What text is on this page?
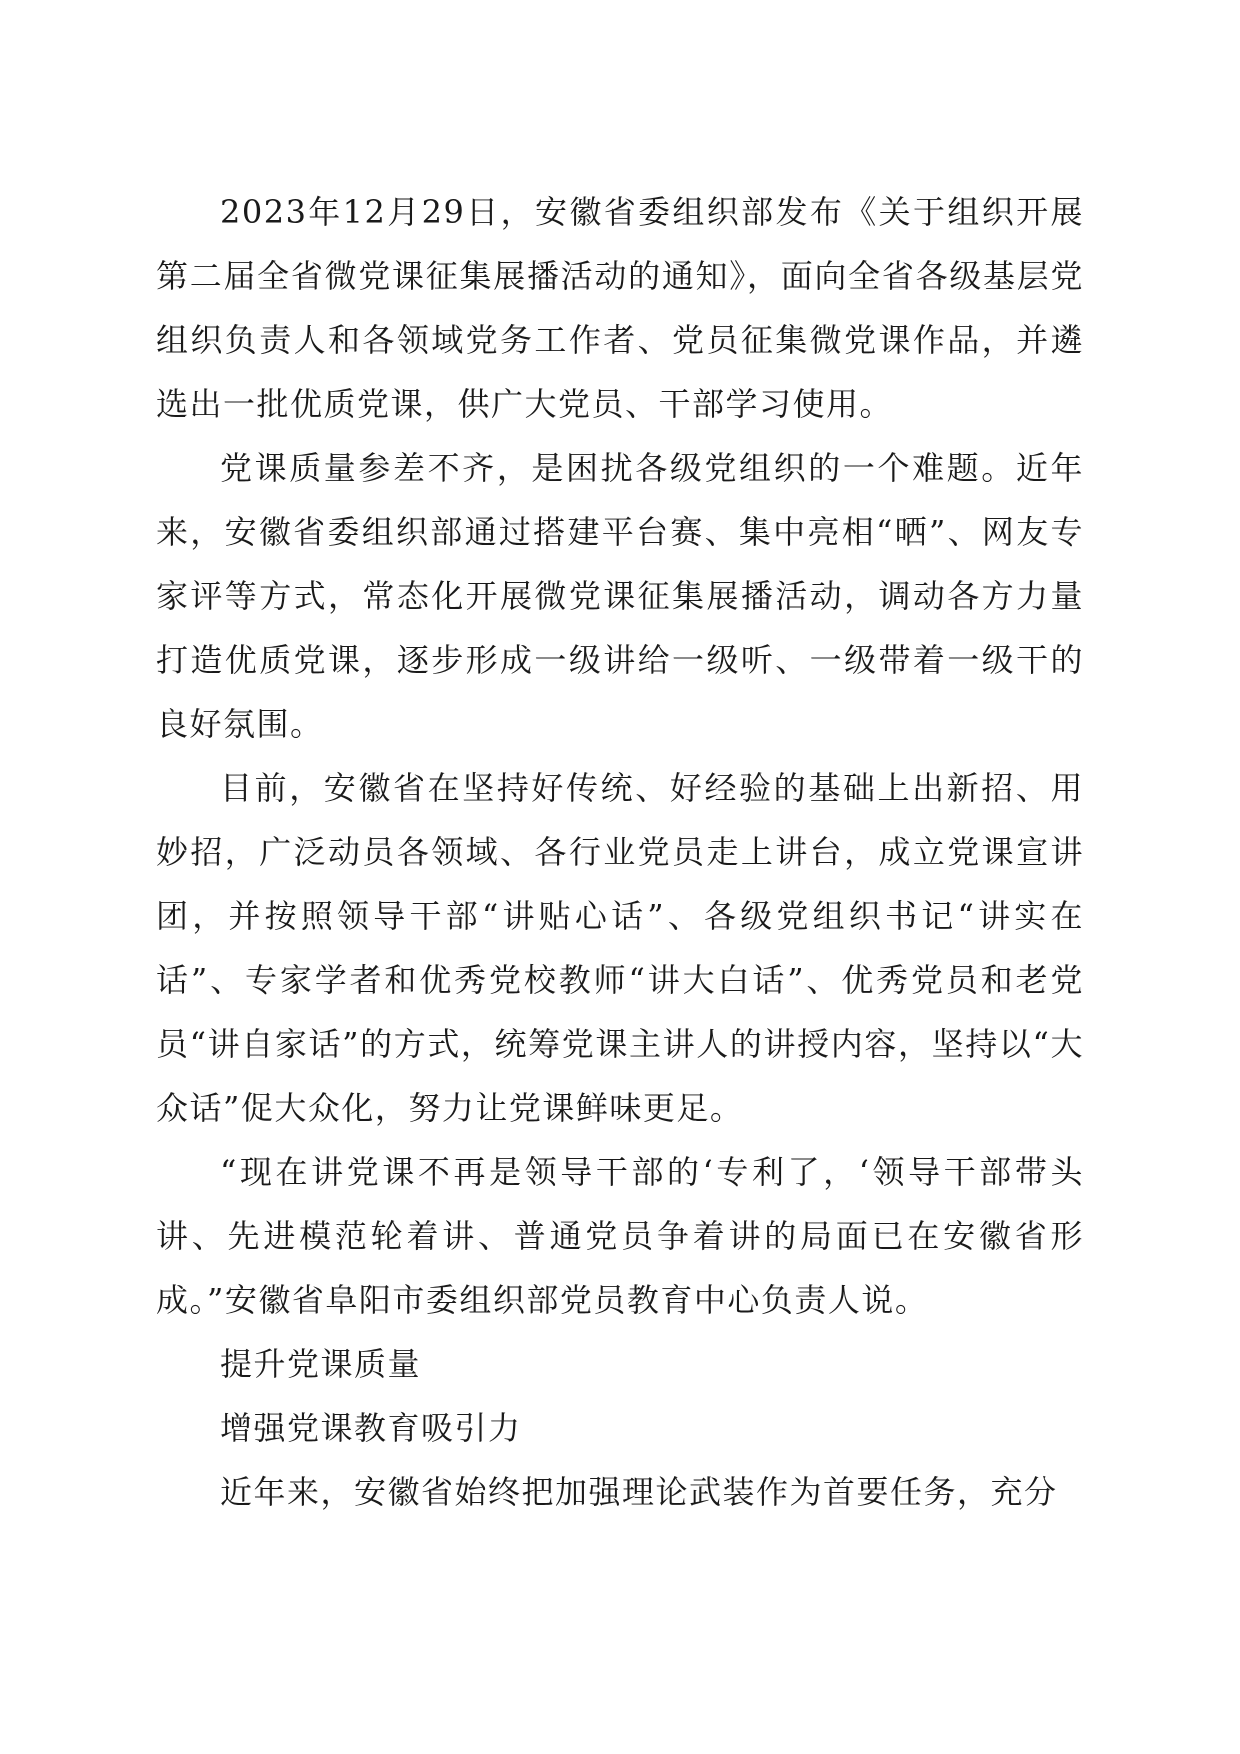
2023年12月29日，安徽省委组织部发布《关于组织开展第二届全省微党课征集展播活动的通知》，面向全省各级基层党组织负责人和各领域党务工作者、党员征集微党课作品，并遴选出一批优质党课，供广大党员、干部学习使用。

党课质量参差不齐，是困扰各级党组织的一个难题。近年来，安徽省委组织部通过搭建平台赛、集中亮相“晒”、网友专家评等方式，常态化开展微党课征集展播活动，调动各方力量打造优质党课，逐步形成一级讲给一级听、一级带着一级干的良好氛围。

目前，安徽省在坚持好传统、好经验的基础上出新招、用妙招，广泛动员各领域、各行业党员走上讲台，成立党课宣讲团，并按照领导干部“讲贴心话”、各级党组织书记“讲实在话”、专家学者和优秀党校教师“讲大白话”、优秀党员和老党员“讲自家话”的方式，统筹党课主讲人的讲授内容，坚持以“大众话”促大众化，努力让党课鲜味更足。

“现在讲党课不再是领导干部的‘专利了，‘领导干部带头讲、先进模范轮着讲、普通党员争着讲的局面已在安徽省形成。”安徽省阜阳市委组织部党员教育中心负责人说。

提升党课质量

增强党课教育吸引力

近年来，安徽省始终把加强理论武装作为首要任务，充分
